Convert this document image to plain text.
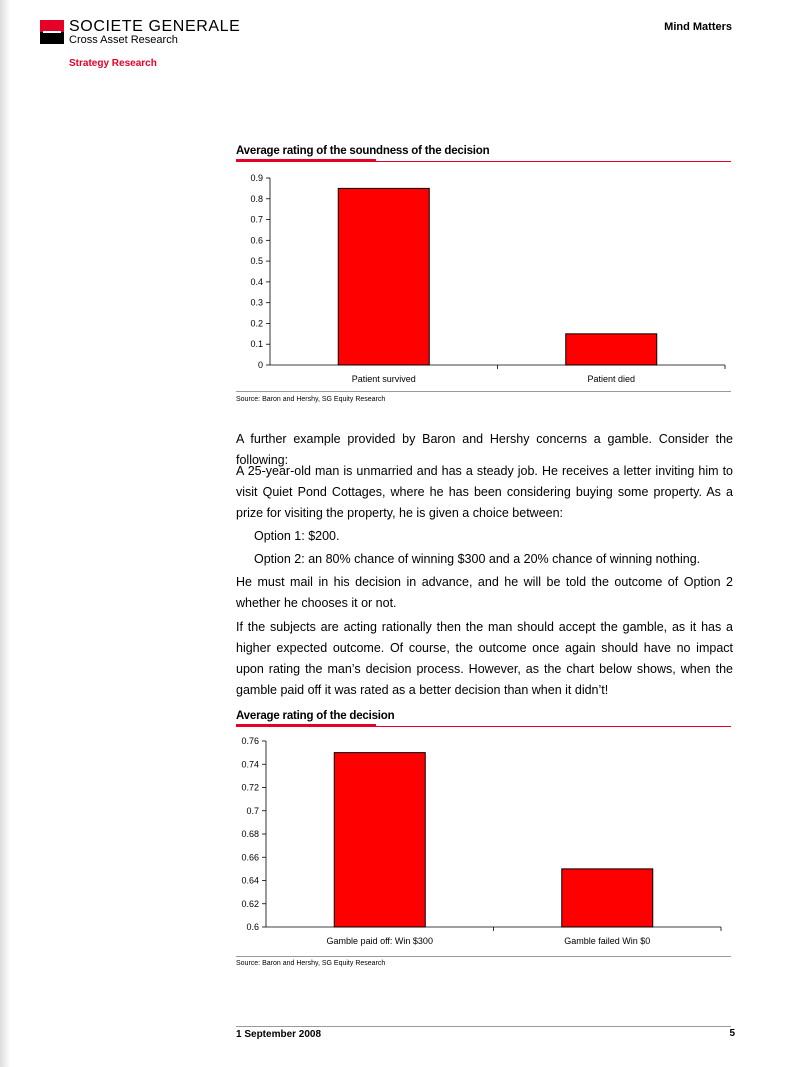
SOCIETE GENERALE
Cross Asset Research
Mind Matters
Strategy Research
Average rating of the soundness of the decision
0
0.1
0.2
0.3
0.4
0.5
0.6
0.7
0.8
0.9
Patient survived	Patient died
Source: Baron and Hershy, SG Equity Research

A further example provided by Baron and Hershy concerns a gamble. Consider the following:

A 25-year-old man is unmarried and has a steady job. He receives a letter inviting him to visit Quiet Pond Cottages, where he has been considering buying some property. As a prize for visiting the property, he is given a choice between:

Option 1: $200.

Option 2: an 80% chance of winning $300 and a 20% chance of winning nothing.

He must mail in his decision in advance, and he will be told the outcome of Option 2 whether he chooses it or not.

If the subjects are acting rationally then the man should accept the gamble, as it has a higher expected outcome. Of course, the outcome once again should have no impact upon rating the man’s decision process. However, as the chart below shows, when the gamble paid off it was rated as a better decision than when it didn’t!

Average rating of the decision
0.6
0.62
0.64
0.66
0.68
0.7
0.72
0.74
0.76
Gamble paid off: Win $300	Gamble failed Win $0
Source: Baron and Hershy, SG Equity Research
1 September 2008	5
